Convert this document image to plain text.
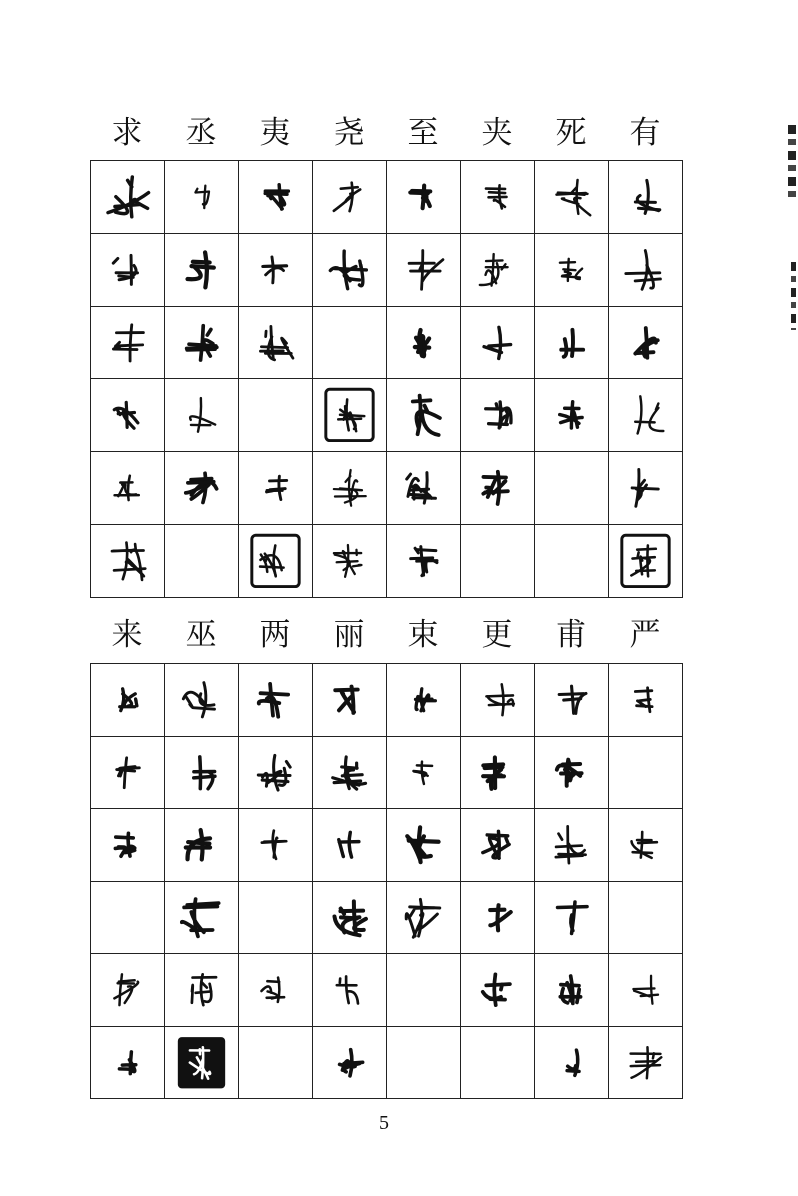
求	丞	夷	尧	至	夹	死	有
来	巫	两	丽	束	更	甫	严
5
